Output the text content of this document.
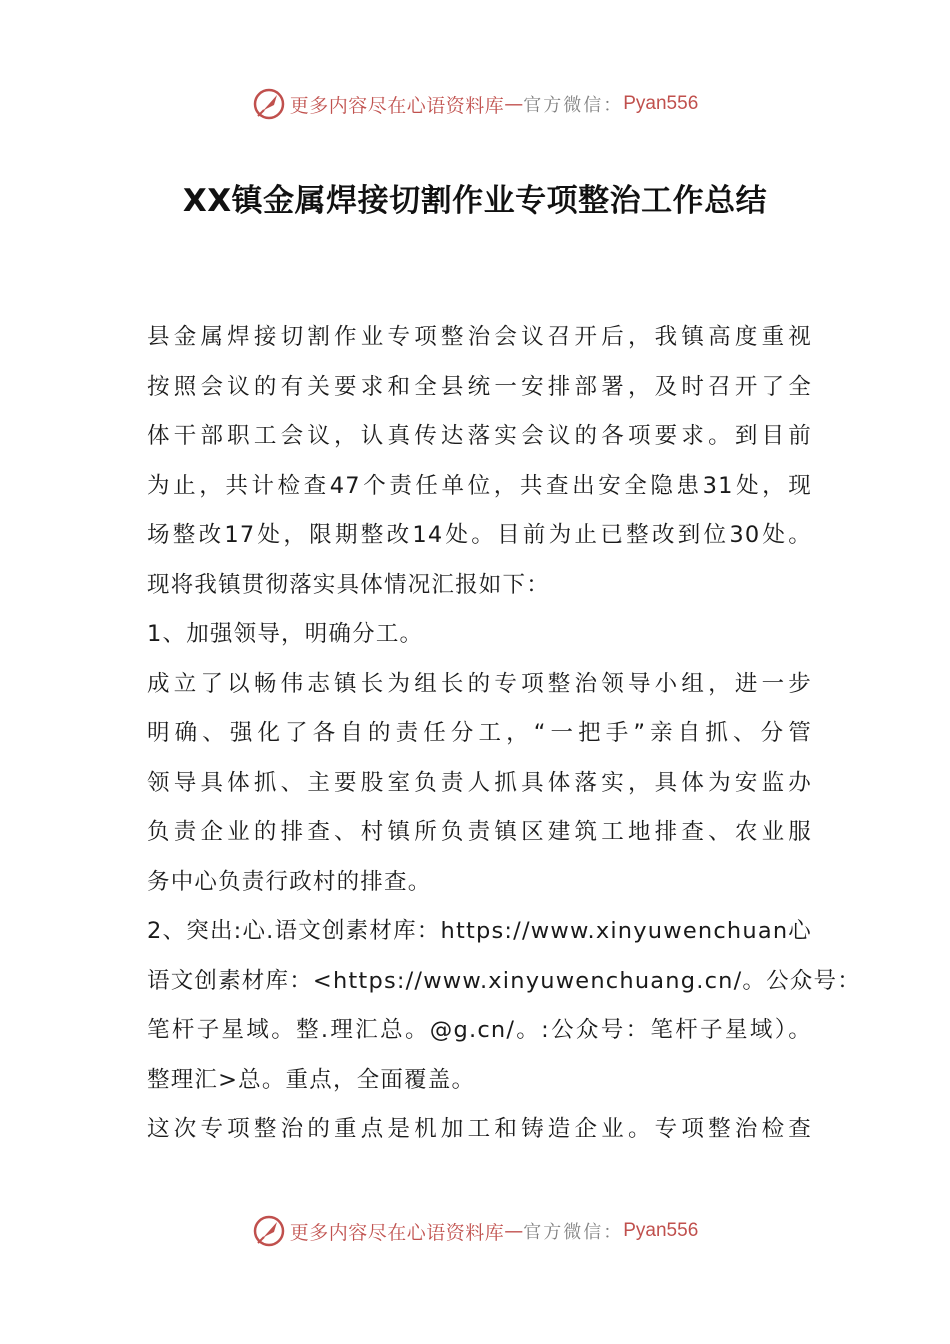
更多内容尽在心语资料库 — 官方微信： Pyan556
XX镇金属焊接切割作业专项整治工作总结
县金属焊接切割作业专项整治会议召开后，我镇高度重视
按照会议的有关要求和全县统一安排部署，及时召开了全
体干部职工会议，认真传达落实会议的各项要求。到目前
为止，共计检查47个责任单位，共查出安全隐患31处，现
场整改17处，限期整改14处。目前为止已整改到位30处。
现将我镇贯彻落实具体情况汇报如下：
1、加强领导，明确分工。
成立了以畅伟志镇长为组长的专项整治领导小组，进一步
明确、强化了各自的责任分工，“一把手”亲自抓、分管
领导具体抓、主要股室负责人抓具体落实，具体为安监办
负责企业的排查、村镇所负责镇区建筑工地排查、农业服
务中心负责行政村的排查。
2、突出:心.语文创素材库：https://www.xinyuwenchuan心
语文创素材库：<https://www.xinyuwenchuang.cn/。公众号：
笔杆子星域。整.理汇总。@g.cn/。:公众号：笔杆子星域）。
整理汇>总。重点，全面覆盖。
这次专项整治的重点是机加工和铸造企业。专项整治检查
更多内容尽在心语资料库 — 官方微信： Pyan556
